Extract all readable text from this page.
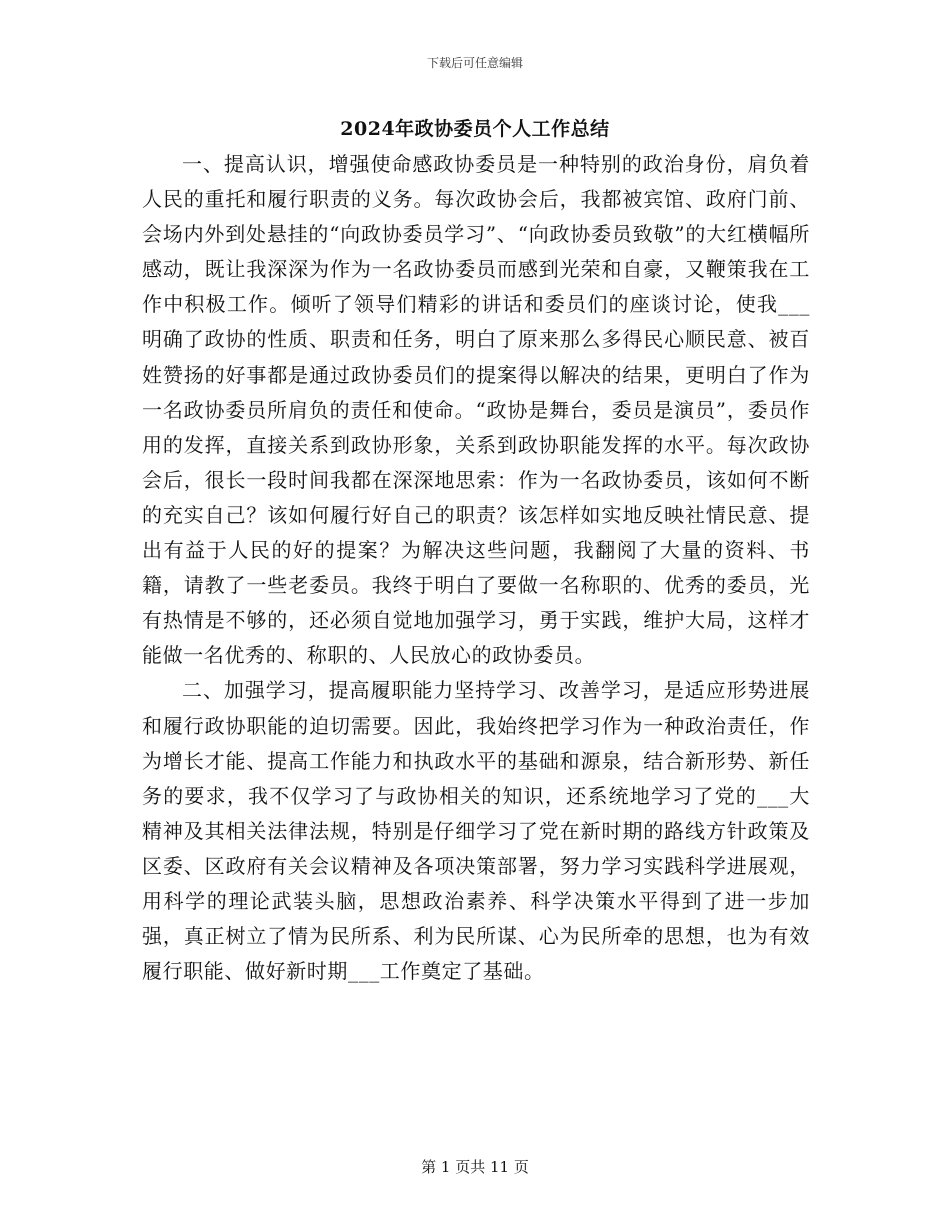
下载后可任意编辑
2024年政协委员个人工作总结

一、提高认识，增强使命感政协委员是一种特别的政治身份，肩负着人民的重托和履行职责的义务。每次政协会后，我都被宾馆、政府门前、会场内外到处悬挂的“向政协委员学习”、“向政协委员致敬”的大红横幅所感动，既让我深深为作为一名政协委员而感到光荣和自豪，又鞭策我在工作中积极工作。倾听了领导们精彩的讲话和委员们的座谈讨论，使我___明确了政协的性质、职责和任务，明白了原来那么多得民心顺民意、被百姓赞扬的好事都是通过政协委员们的提案得以解决的结果，更明白了作为一名政协委员所肩负的责任和使命。“政协是舞台，委员是演员”，委员作用的发挥，直接关系到政协形象，关系到政协职能发挥的水平。每次政协会后，很长一段时间我都在深深地思索：作为一名政协委员，该如何不断的充实自己？该如何履行好自己的职责？该怎样如实地反映社情民意、提出有益于人民的好的提案？为解决这些问题，我翻阅了大量的资料、书籍，请教了一些老委员。我终于明白了要做一名称职的、优秀的委员，光有热情是不够的，还必须自觉地加强学习，勇于实践，维护大局，这样才能做一名优秀的、称职的、人民放心的政协委员。

二、加强学习，提高履职能力坚持学习、改善学习，是适应形势进展和履行政协职能的迫切需要。因此，我始终把学习作为一种政治责任，作为增长才能、提高工作能力和执政水平的基础和源泉，结合新形势、新任务的要求，我不仅学习了与政协相关的知识，还系统地学习了党的___大精神及其相关法律法规，特别是仔细学习了党在新时期的路线方针政策及区委、区政府有关会议精神及各项决策部署，努力学习实践科学进展观，用科学的理论武装头脑，思想政治素养、科学决策水平得到了进一步加强，真正树立了情为民所系、利为民所谋、心为民所牵的思想，也为有效履行职能、做好新时期___工作奠定了基础。

第 1 页共 11 页
